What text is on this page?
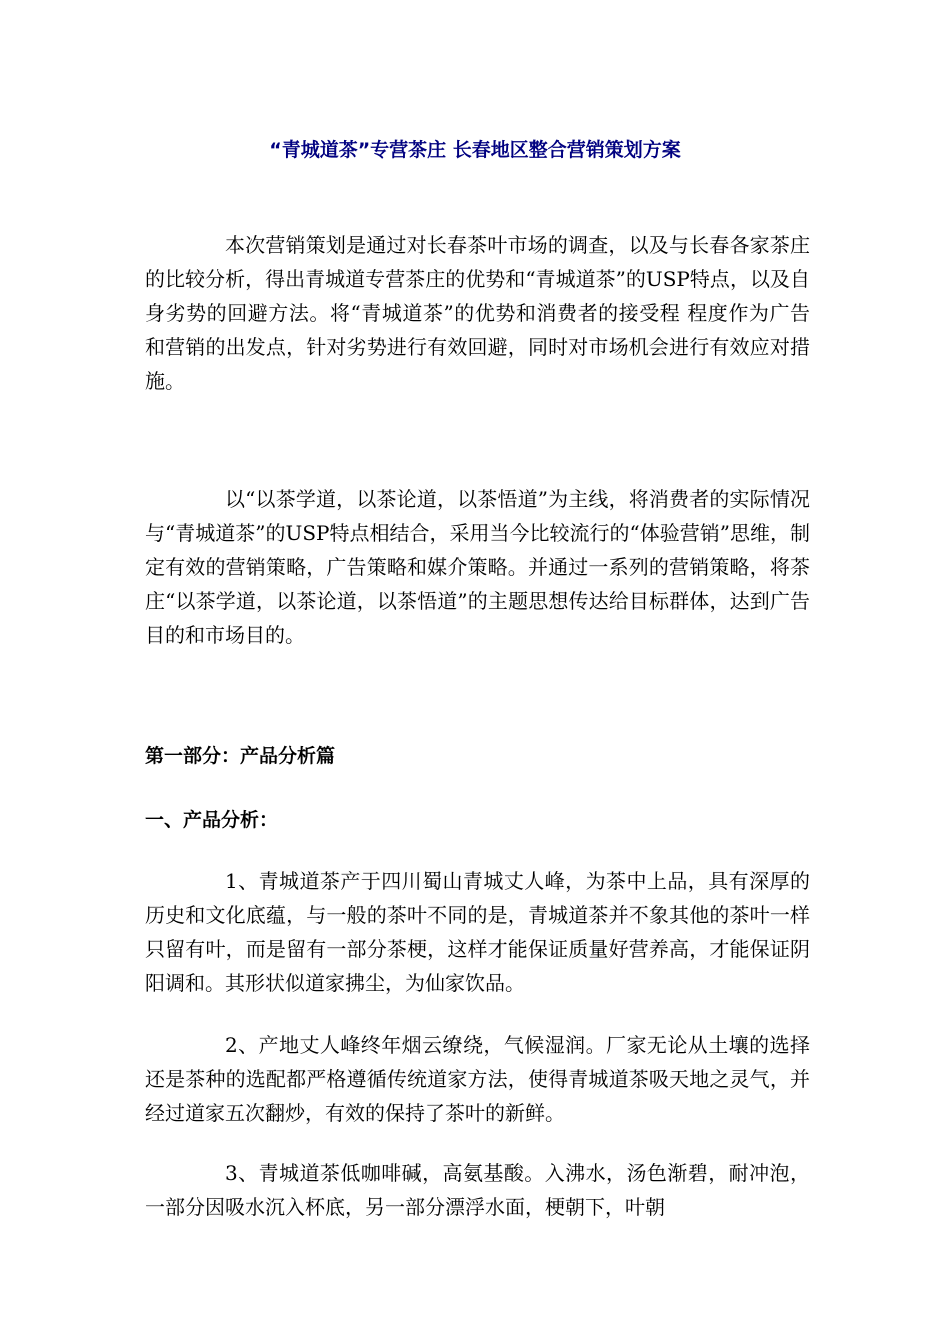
“青城道茶”专营茶庄 长春地区整合营销策划方案

本次营销策划是通过对长春茶叶市场的调查，以及与长春各家茶庄的比较分析，得出青城道专营茶庄的优势和“青城道茶”的USP特点，以及自身劣势的回避方法。将“青城道茶”的优势和消费者的接受程 程度作为广告和营销的出发点，针对劣势进行有效回避，同时对市场机会进行有效应对措施。

以“以茶学道，以茶论道，以茶悟道”为主线，将消费者的实际情况与“青城道茶”的USP特点相结合，采用当今比较流行的“体验营销”思维，制定有效的营销策略，广告策略和媒介策略。并通过一系列的营销策略，将茶庄“以茶学道，以茶论道，以茶悟道”的主题思想传达给目标群体，达到广告目的和市场目的。

第一部分：产品分析篇
一、产品分析：

1、青城道茶产于四川蜀山青城丈人峰，为茶中上品，具有深厚的历史和文化底蕴，与一般的茶叶不同的是，青城道茶并不象其他的茶叶一样只留有叶，而是留有一部分茶梗，这样才能保证质量好营养高，才能保证阴阳调和。其形状似道家拂尘，为仙家饮品。

2、产地丈人峰终年烟云缭绕，气候湿润。厂家无论从土壤的选择还是茶种的选配都严格遵循传统道家方法，使得青城道茶吸天地之灵气，并经过道家五次翻炒，有效的保持了茶叶的新鲜。

3、青城道茶低咖啡碱，高氨基酸。入沸水，汤色渐碧，耐冲泡，一部分因吸水沉入杯底，另一部分漂浮水面，梗朝下，叶朝
